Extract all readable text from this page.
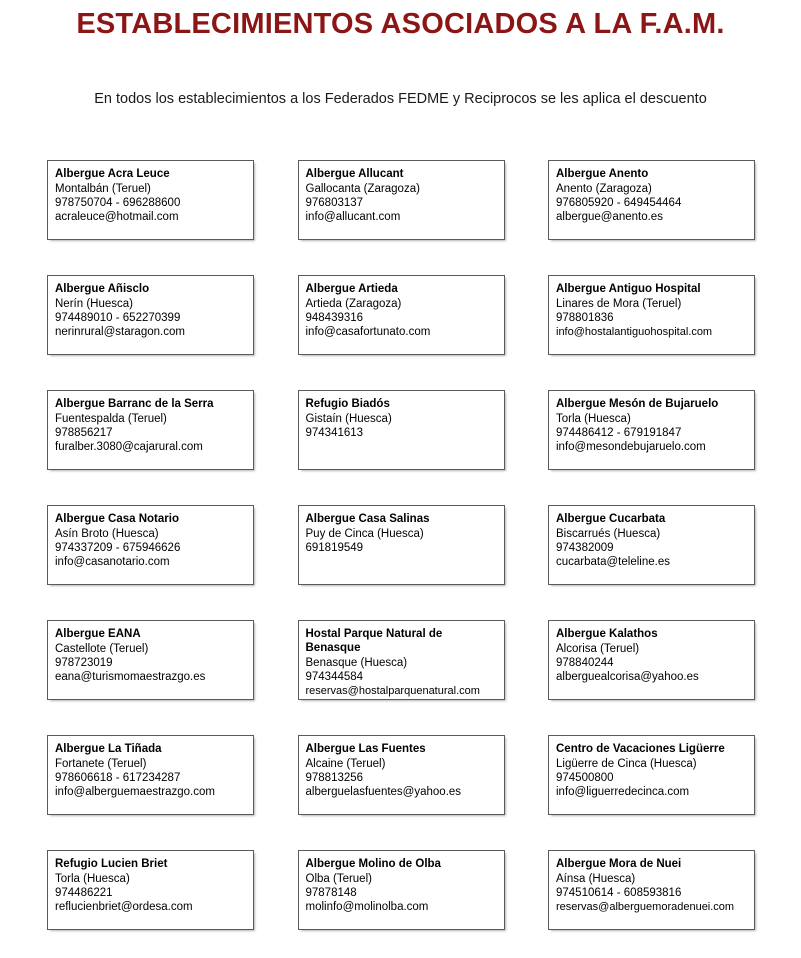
ESTABLECIMIENTOS ASOCIADOS A LA F.A.M.
En todos los establecimientos a los Federados FEDME y Reciprocos se les aplica el descuento
Albergue Acra Leuce
Montalbán (Teruel)
978750704 - 696288600
acraleuce@hotmail.com
Albergue Allucant
Gallocanta (Zaragoza)
976803137
info@allucant.com
Albergue Anento
Anento (Zaragoza)
976805920 - 649454464
albergue@anento.es
Albergue Añisclo
Nerín (Huesca)
974489010 - 652270399
nerinrural@staragon.com
Albergue Artieda
Artieda (Zaragoza)
948439316
info@casafortunato.com
Albergue Antiguo Hospital
Linares de Mora (Teruel)
978801836
info@hostalantiguohospital.com
Albergue Barranc de la Serra
Fuentespalda (Teruel)
978856217
furalber.3080@cajarural.com
Refugio Biadós
Gistaín (Huesca)
974341613
Albergue Mesón de Bujaruelo
Torla (Huesca)
974486412 - 679191847
info@mesondebujaruelo.com
Albergue Casa Notario
Asín Broto (Huesca)
974337209 - 675946626
info@casanotario.com
Albergue Casa Salinas
Puy de Cinca (Huesca)
691819549
Albergue Cucarbata
Biscarrués (Huesca)
974382009
cucarbata@teleline.es
Albergue EANA
Castellote (Teruel)
978723019
eana@turismomaestrazgo.es
Hostal Parque Natural de Benasque
Benasque (Huesca)
974344584
reservas@hostalparquenatural.com
Albergue Kalathos
Alcorisa (Teruel)
978840244
alberguealcorisa@yahoo.es
Albergue La Tiñada
Fortanete (Teruel)
978606618 - 617234287
info@alberguemaestrazgo.com
Albergue Las Fuentes
Alcaine (Teruel)
978813256
alberguelasfuentes@yahoo.es
Centro de Vacaciones Ligüerre
Ligüerre de Cinca (Huesca)
974500800
info@liguerredecinca.com
Refugio Lucien Briet
Torla (Huesca)
974486221
reflucienbriet@ordesa.com
Albergue Molino de Olba
Olba (Teruel)
97878148
molinfo@molinolba.com
Albergue Mora de Nuei
Aínsa (Huesca)
974510614 - 608593816
reservas@alberguemoradenuei.com
